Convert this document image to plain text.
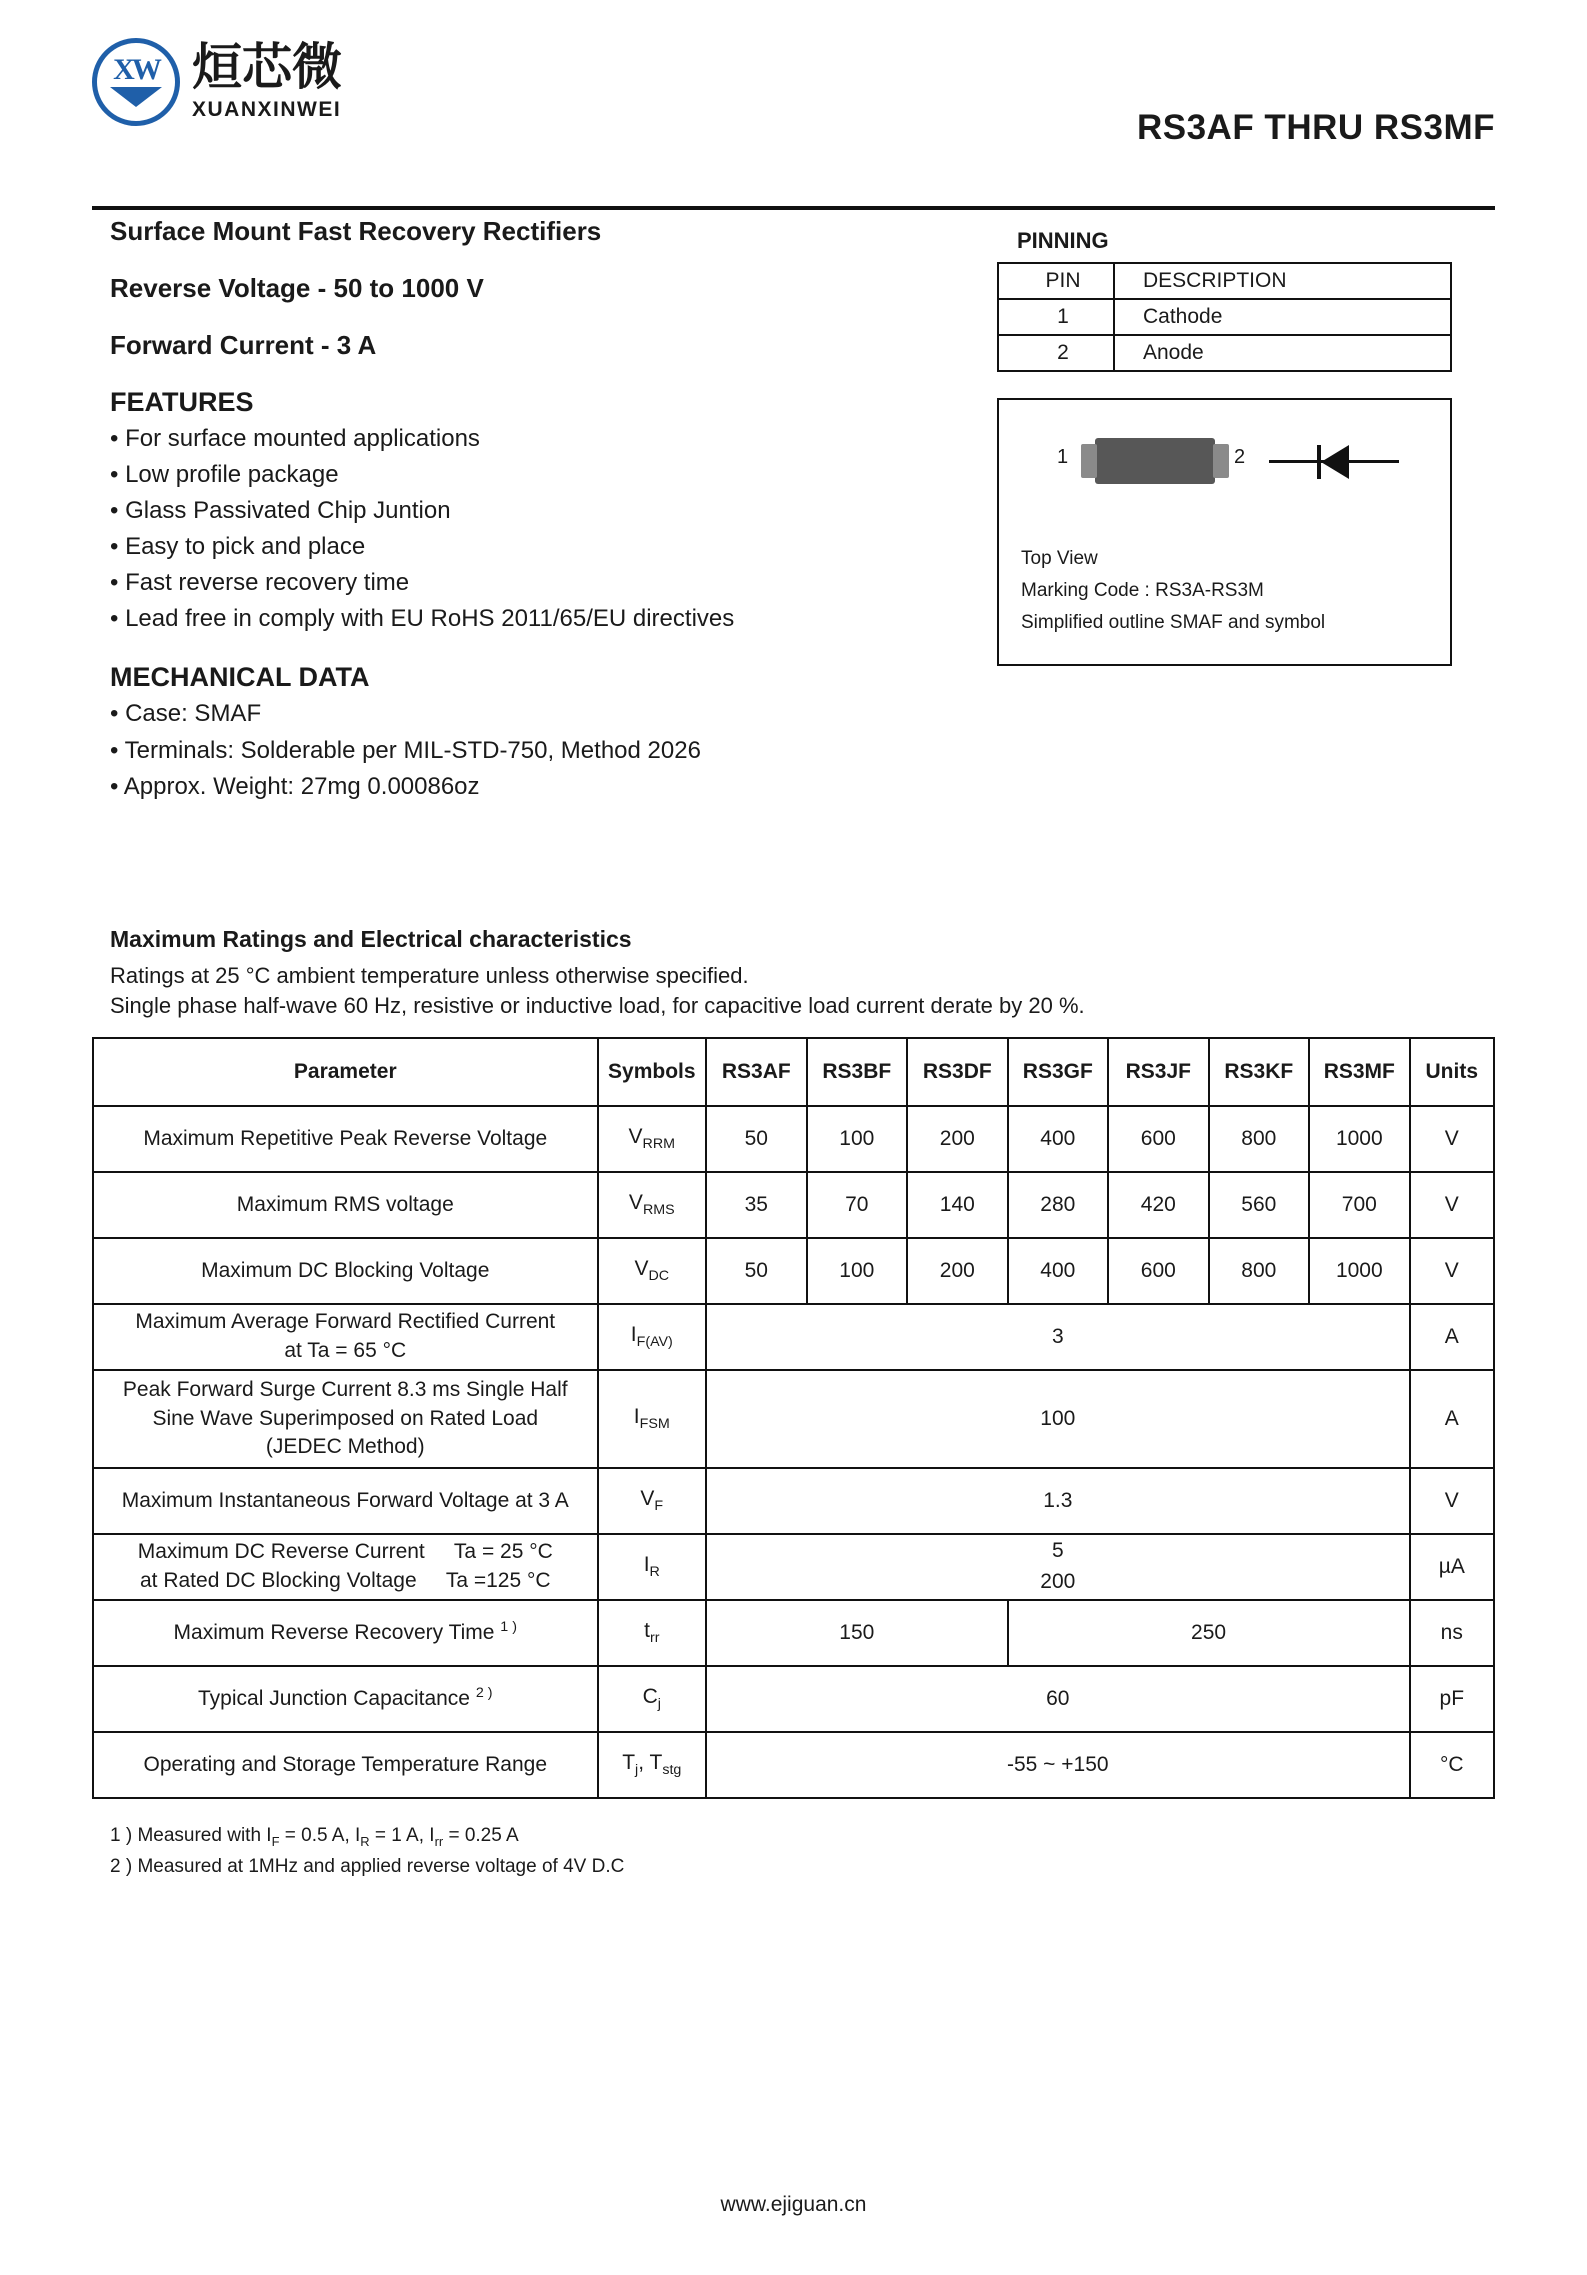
XW 烜芯微
XUANXINWEI	RS3AF THRU RS3MF
Surface Mount Fast Recovery Rectifiers
Reverse Voltage - 50 to 1000 V
Forward Current - 3 A
FEATURES
• For surface mounted applications
• Low profile package
• Glass Passivated Chip Juntion
• Easy to pick and place
• Fast reverse recovery time
• Lead free in comply with EU RoHS 2011/65/EU directives
MECHANICAL DATA
• Case: SMAF
• Terminals: Solderable per MIL-STD-750, Method 2026
• Approx. Weight: 27mg 0.00086oz
PINNING
PIN	DESCRIPTION
1	Cathode
2	Anode
1	2
Top View
Marking Code : RS3A-RS3M
Simplified outline SMAF and symbol
Maximum Ratings and Electrical characteristics
Ratings at 25 °C ambient temperature unless otherwise specified.
Single phase half-wave 60 Hz, resistive or inductive load, for capacitive load current derate by 20 %.
Parameter	Symbols	RS3AF	RS3BF	RS3DF	RS3GF	RS3JF	RS3KF	RS3MF	Units
Maximum Repetitive Peak Reverse Voltage	$V_{RRM}$	50	100	200	400	600	800	1000	V
Maximum RMS voltage	$V_{RMS}$	35	70	140	280	420	560	700	V
Maximum DC Blocking Voltage	$V_{DC}$	50	100	200	400	600	800	1000	V
Maximum Average Forward Rectified Current
at Ta = 65 °C	$I_{F(AV)}$	3							A
Peak Forward Surge Current 8.3 ms Single Half
Sine Wave Superimposed on Rated Load
(JEDEC Method)	$I_{FSM}$	100							A
Maximum Instantaneous Forward Voltage at 3 A	$V_F$	1.3							V
Maximum DC Reverse Current     Ta = 25 °C
at Rated DC Blocking Voltage     Ta =125 °C	$I_R$	5
200							µA
Maximum Reverse Recovery Time $^{1 )}$	$t_{rr}$	150			250				ns
Typical Junction Capacitance $^{2 )}$	$C_j$	60							pF
Operating and Storage Temperature Range	$T_j$, $T_{stg}$	-55 ~ +150							°C
1 ) Measured with $I_F = 0.5$ A, $I_R = 1$ A, $I_{rr} = 0.25$ A
2 ) Measured at 1MHz and applied reverse voltage of 4V D.C
www.ejiguan.cn
